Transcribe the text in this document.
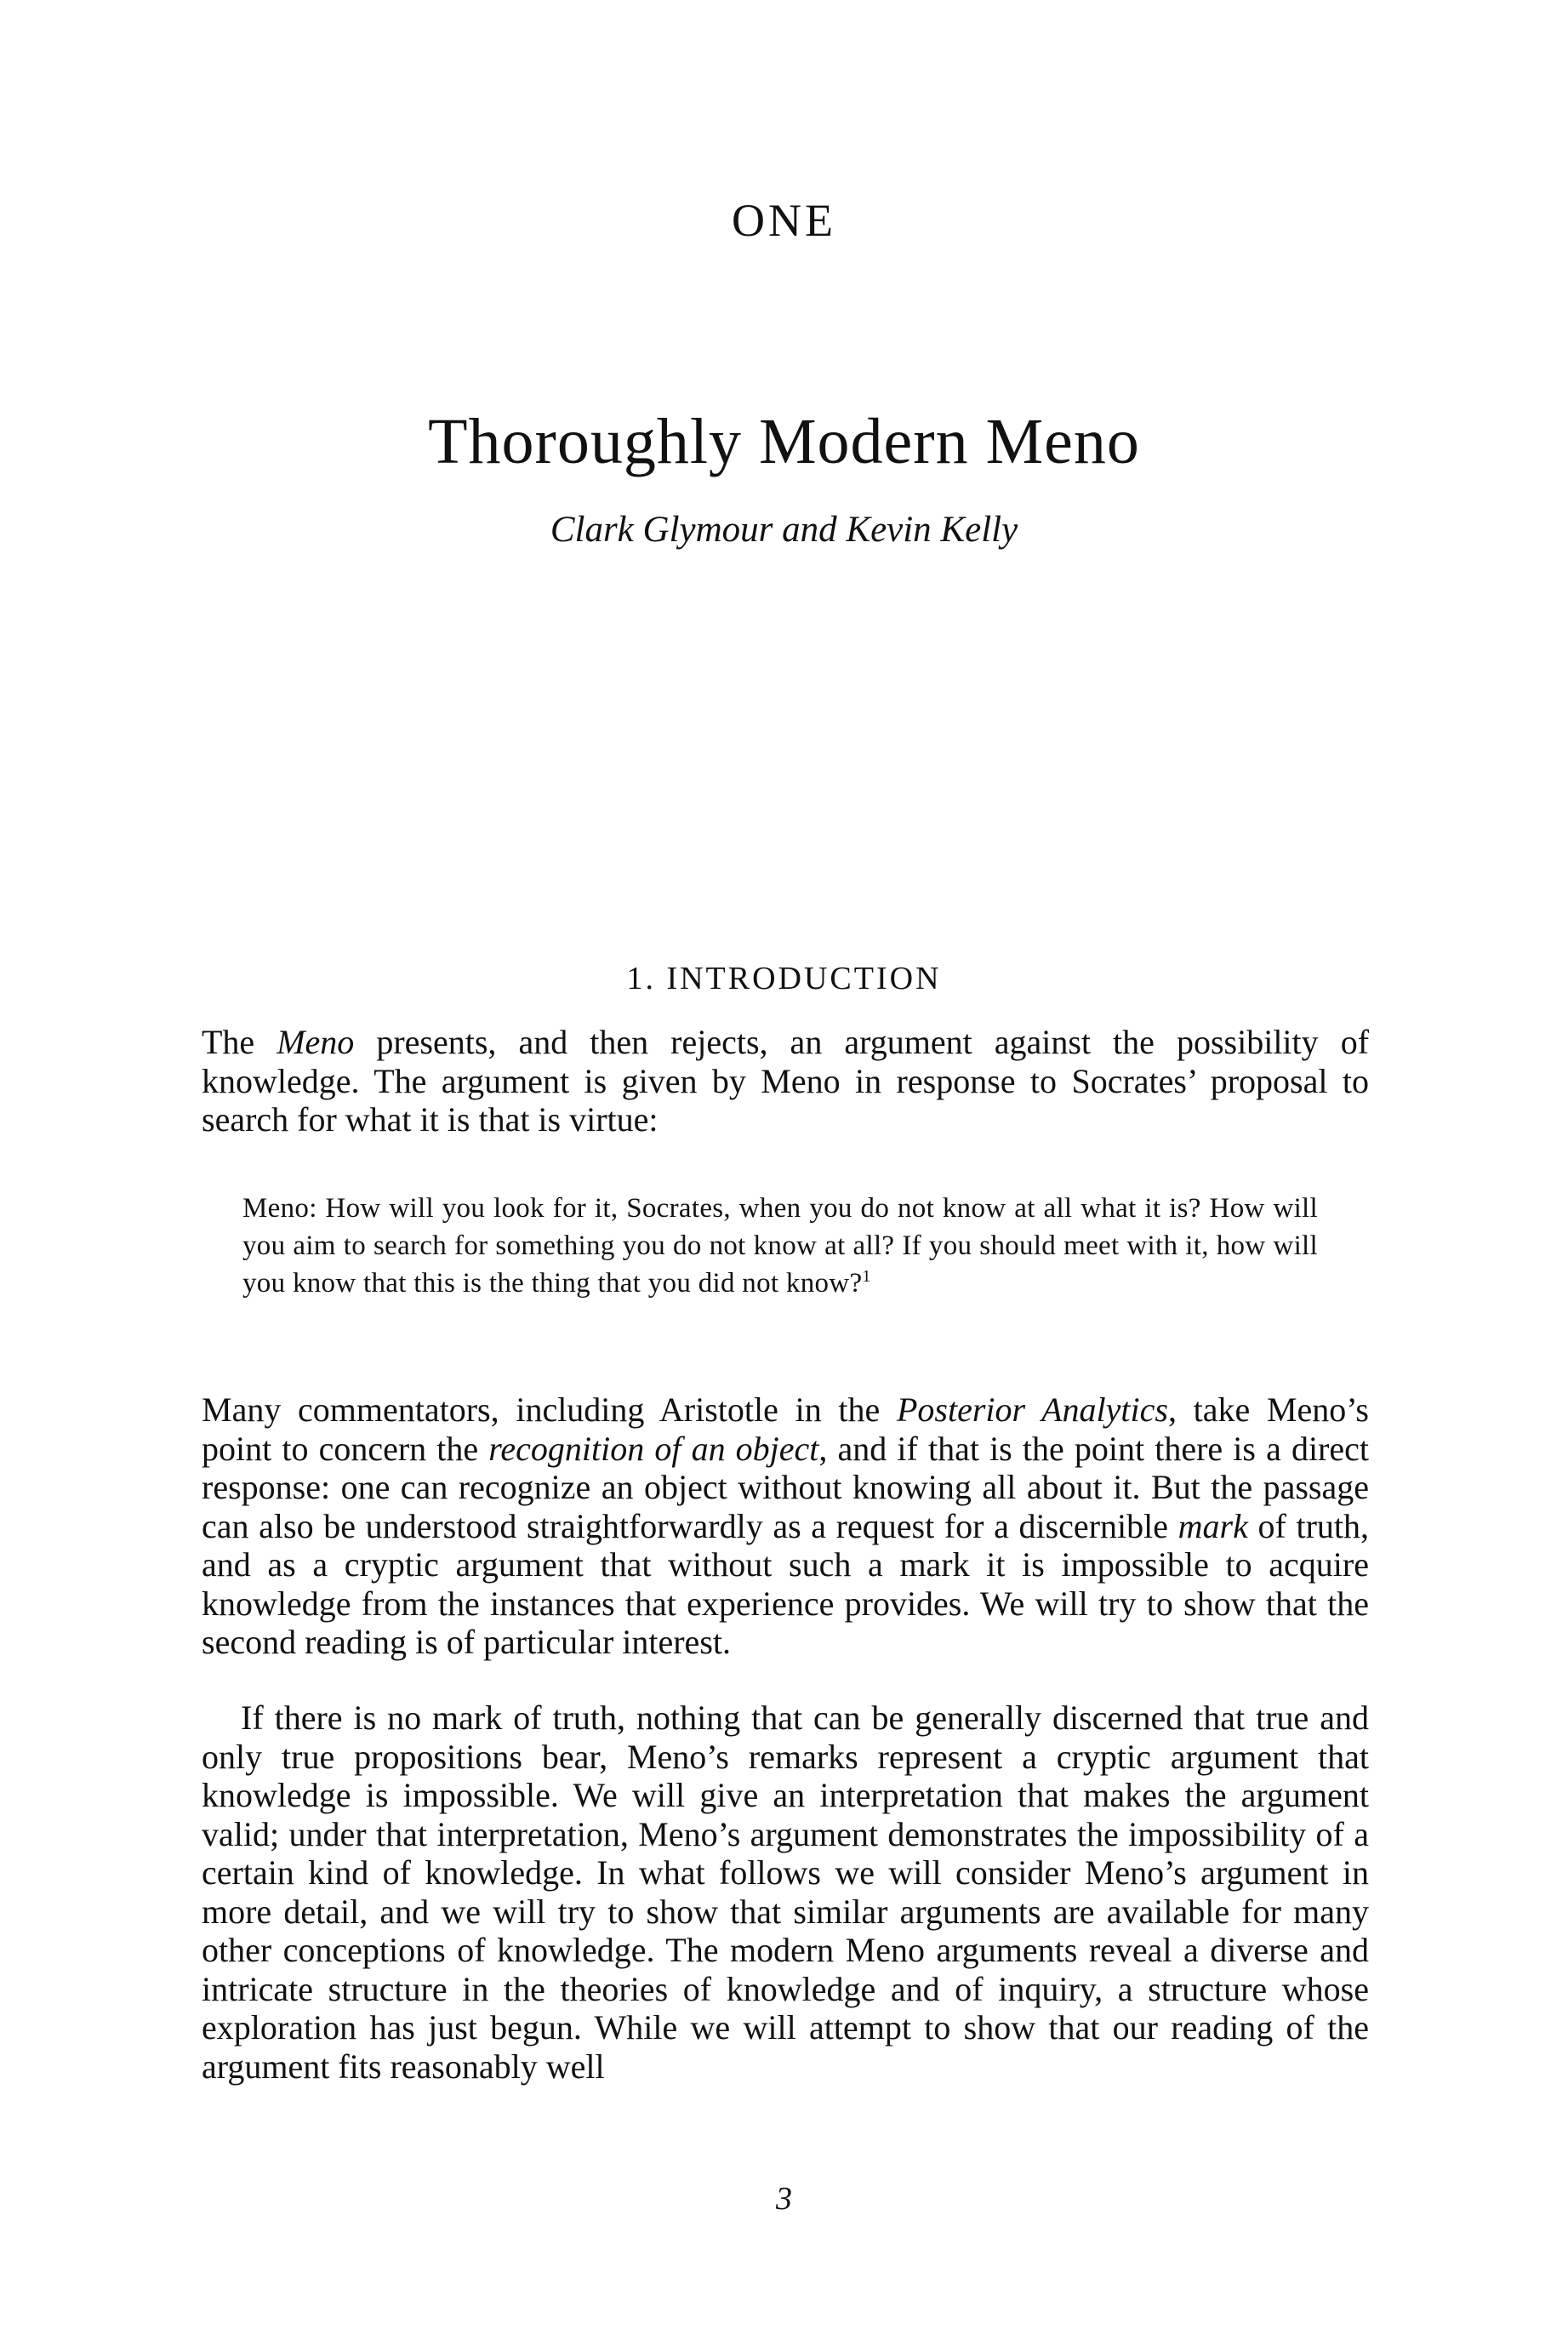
ONE
Thoroughly Modern Meno
Clark Glymour and Kevin Kelly
1. INTRODUCTION

The Meno presents, and then rejects, an argument against the possibility of knowledge. The argument is given by Meno in response to Socrates’ proposal to search for what it is that is virtue:

Meno: How will you look for it, Socrates, when you do not know at all what it is? How will you aim to search for something you do not know at all? If you should meet with it, how will you know that this is the thing that you did not know?$^1$

Many commentators, including Aristotle in the Posterior Analytics, take Meno’s point to concern the recognition of an object, and if that is the point there is a direct response: one can recognize an object without knowing all about it. But the passage can also be understood straightforwardly as a request for a discernible mark of truth, and as a cryptic argument that without such a mark it is impossible to acquire knowledge from the instances that experience provides. We will try to show that the second reading is of particular interest.

If there is no mark of truth, nothing that can be generally discerned that true and only true propositions bear, Meno’s remarks represent a cryptic argument that knowledge is impossible. We will give an interpretation that makes the argument valid; under that interpretation, Meno’s argument demonstrates the impossibility of a certain kind of knowledge. In what follows we will consider Meno’s argument in more detail, and we will try to show that similar arguments are available for many other conceptions of knowledge. The modern Meno arguments reveal a diverse and intricate structure in the theories of knowledge and of inquiry, a structure whose exploration has just begun. While we will attempt to show that our reading of the argument fits reasonably well

3
